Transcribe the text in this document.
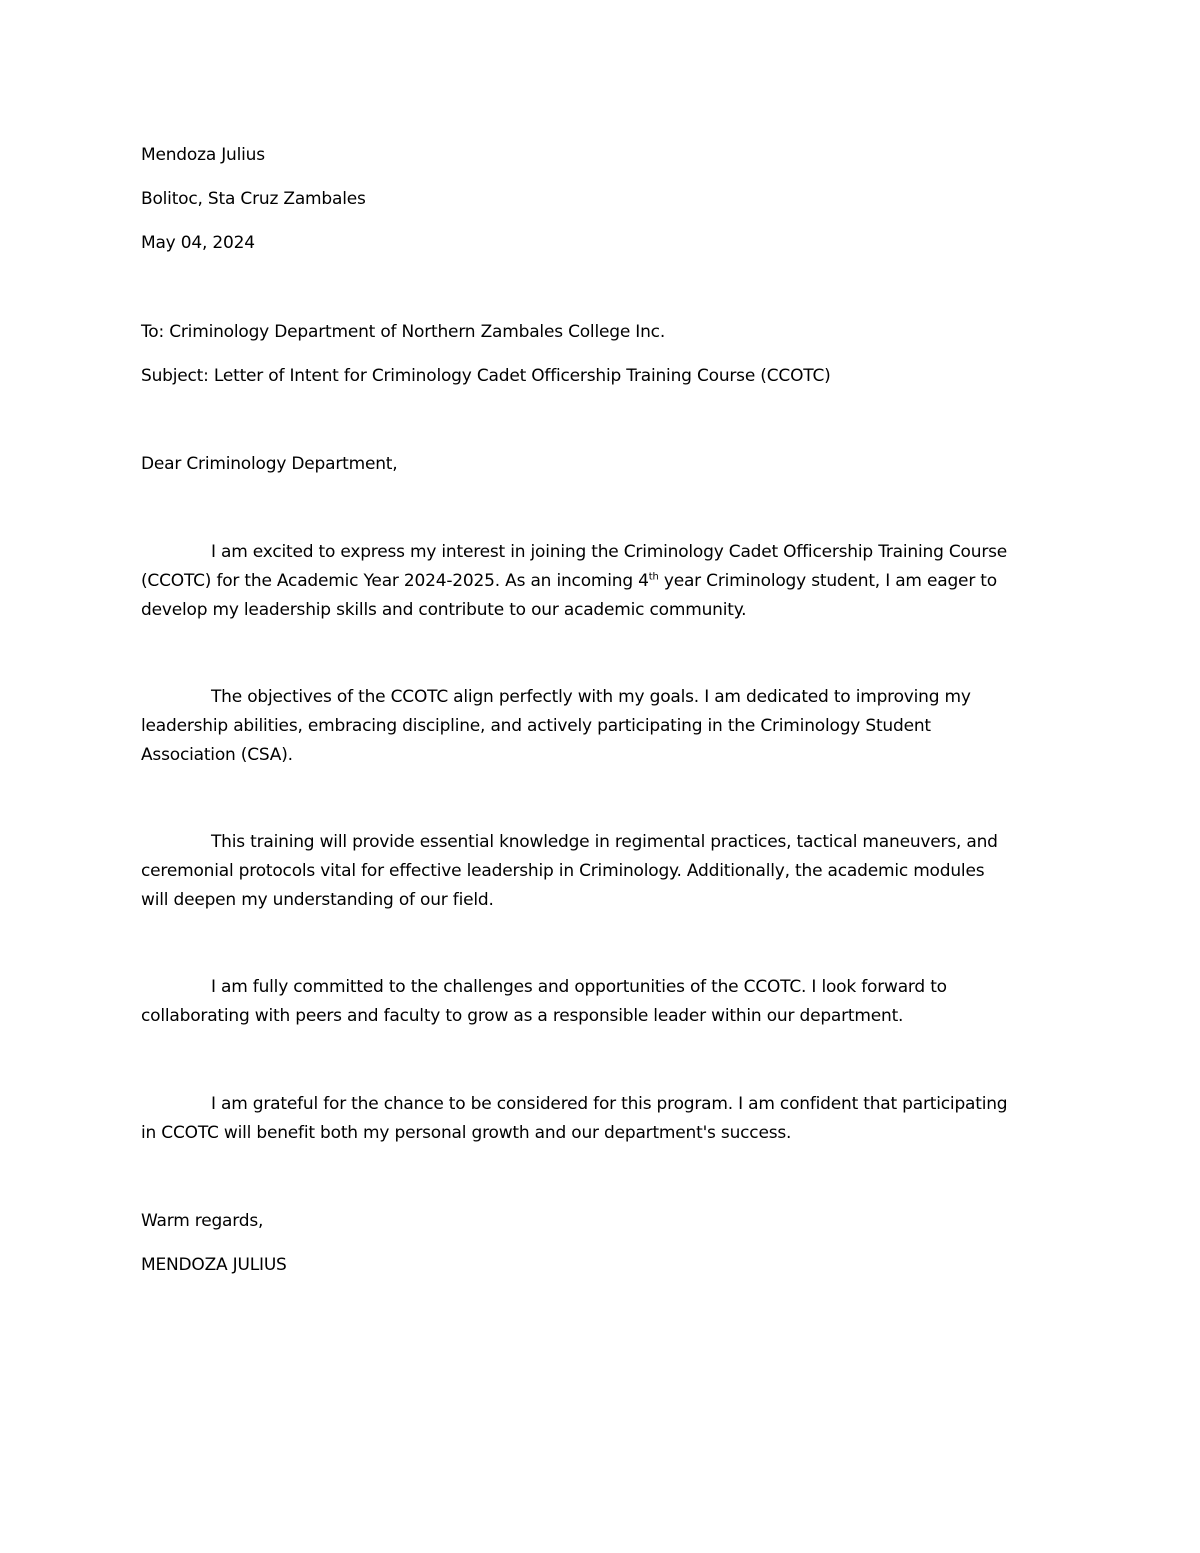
Mendoza Julius
Bolitoc, Sta Cruz Zambales
May 04, 2024
To: Criminology Department of Northern Zambales College Inc.
Subject: Letter of Intent for Criminology Cadet Officership Training Course (CCOTC)
Dear Criminology Department,

I am excited to express my interest in joining the Criminology Cadet Officership Training Course

(CCOTC) for the Academic Year 2024-2025. As an incoming 4th year Criminology student, I am eager to

develop my leadership skills and contribute to our academic community.

The objectives of the CCOTC align perfectly with my goals. I am dedicated to improving my

leadership abilities, embracing discipline, and actively participating in the Criminology Student

Association (CSA).

This training will provide essential knowledge in regimental practices, tactical maneuvers, and

ceremonial protocols vital for effective leadership in Criminology. Additionally, the academic modules

will deepen my understanding of our field.

I am fully committed to the challenges and opportunities of the CCOTC. I look forward to

collaborating with peers and faculty to grow as a responsible leader within our department.

I am grateful for the chance to be considered for this program. I am confident that participating

in CCOTC will benefit both my personal growth and our department's success.

Warm regards,
MENDOZA JULIUS
